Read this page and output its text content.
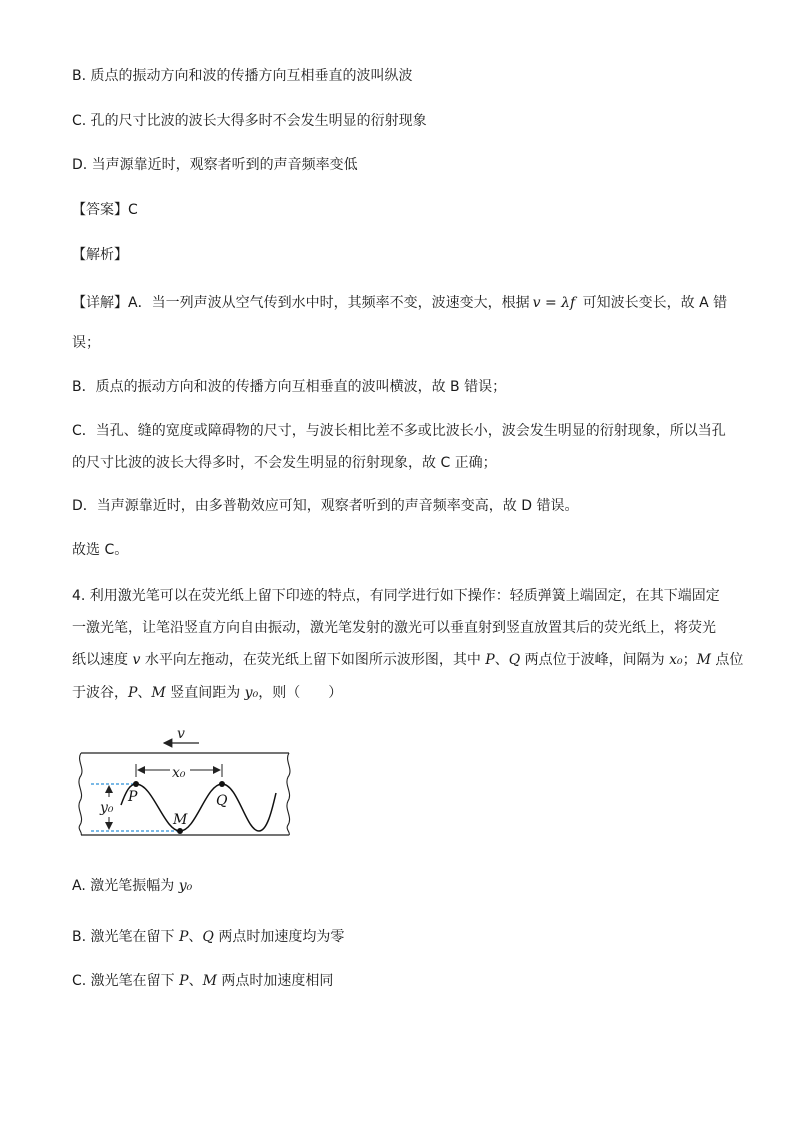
B. 质点的振动方向和波的传播方向互相垂直的波叫纵波
C. 孔的尺寸比波的波长大得多时不会发生明显的衍射现象
D. 当声源靠近时，观察者听到的声音频率变低
【答案】C
【解析】
【详解】A．当一列声波从空气传到水中时，其频率不变，波速变大，根据 v = λf 可知波长变长，故 A 错
误；
B．质点的振动方向和波的传播方向互相垂直的波叫横波，故 B 错误；
C．当孔、缝的宽度或障碍物的尺寸，与波长相比差不多或比波长小，波会发生明显的衍射现象，所以当孔
的尺寸比波的波长大得多时，不会发生明显的衍射现象，故 C 正确；
D．当声源靠近时，由多普勒效应可知，观察者听到的声音频率变高，故 D 错误。
故选 C。
4. 利用激光笔可以在荧光纸上留下印迹的特点，有同学进行如下操作：轻质弹簧上端固定，在其下端固定
一激光笔，让笔沿竖直方向自由振动，激光笔发射的激光可以垂直射到竖直放置其后的荧光纸上，将荧光
纸以速度 v 水平向左拖动，在荧光纸上留下如图所示波形图，其中 P、Q 两点位于波峰，间隔为 x₀；M 点位
于波谷，P、M 竖直间距为 y₀，则（　　）
v
x₀
y₀
P
M
Q
A. 激光笔振幅为 y₀
B. 激光笔在留下 P、Q 两点时加速度均为零
C. 激光笔在留下 P、M 两点时加速度相同
